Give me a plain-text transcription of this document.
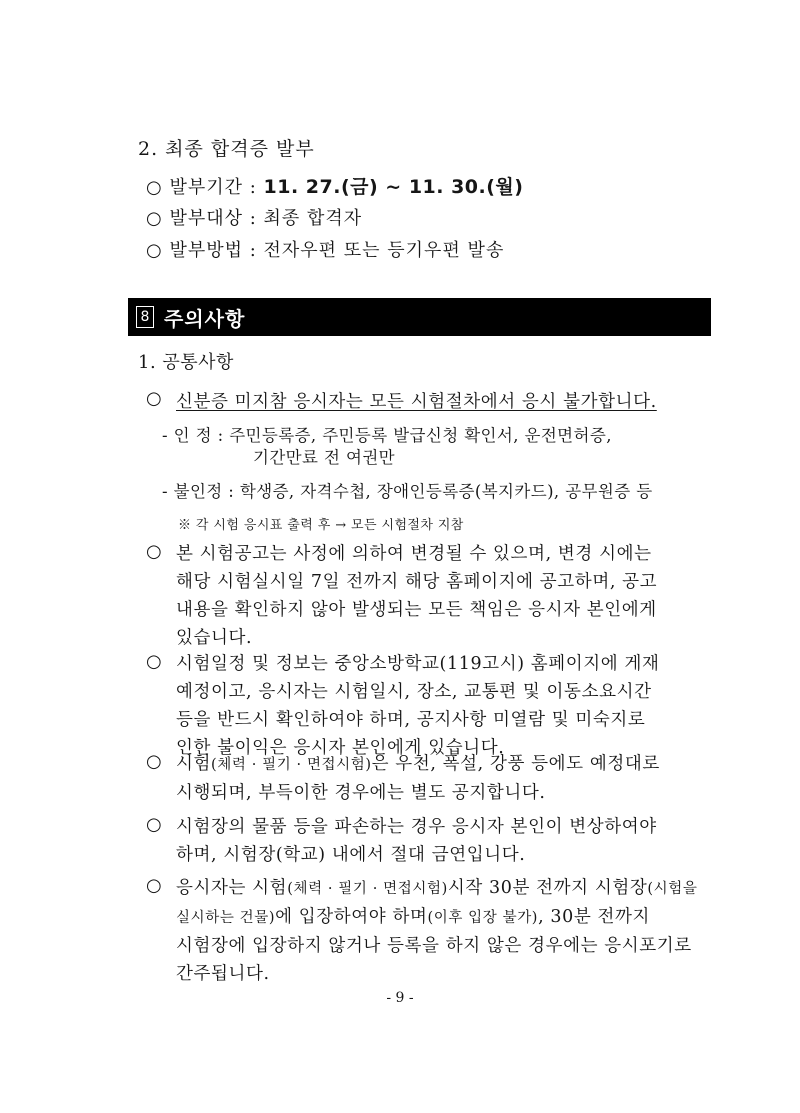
2. 최종 합격증 발부
○ 발부기간 : 11. 27.(금) ~ 11. 30.(월)
○ 발부대상 : 최종 합격자
○ 발부방법 : 전자우편 또는 등기우편 발송
8 주의사항
1. 공통사항
○ 신분증 미지참 응시자는 모든 시험절차에서 응시 불가합니다.
- 인 정 : 주민등록증, 주민등록 발급신청 확인서, 운전면허증,
기간만료 전 여권만
- 불인정 : 학생증, 자격수첩, 장애인등록증(복지카드), 공무원증 등
※ 각 시험 응시표 출력 후 → 모든 시험절차 지참
○ 본 시험공고는 사정에 의하여 변경될 수 있으며, 변경 시에는
해당 시험실시일 7일 전까지 해당 홈페이지에 공고하며, 공고
내용을 확인하지 않아 발생되는 모든 책임은 응시자 본인에게
있습니다.
○ 시험일정 및 정보는 중앙소방학교(119고시) 홈페이지에 게재
예정이고, 응시자는 시험일시, 장소, 교통편 및 이동소요시간
등을 반드시 확인하여야 하며, 공지사항 미열람 및 미숙지로
인한 불이익은 응시자 본인에게 있습니다.
○ 시험(체력 · 필기 · 면접시험)은 우천, 폭설, 강풍 등에도 예정대로
시행되며, 부득이한 경우에는 별도 공지합니다.
○ 시험장의 물품 등을 파손하는 경우 응시자 본인이 변상하여야
하며, 시험장(학교) 내에서 절대 금연입니다.
○ 응시자는 시험(체력 · 필기 · 면접시험)시작 30분 전까지 시험장(시험을
실시하는 건물)에 입장하여야 하며(이후 입장 불가), 30분 전까지
시험장에 입장하지 않거나 등록을 하지 않은 경우에는 응시포기로
간주됩니다.
- 9 -
